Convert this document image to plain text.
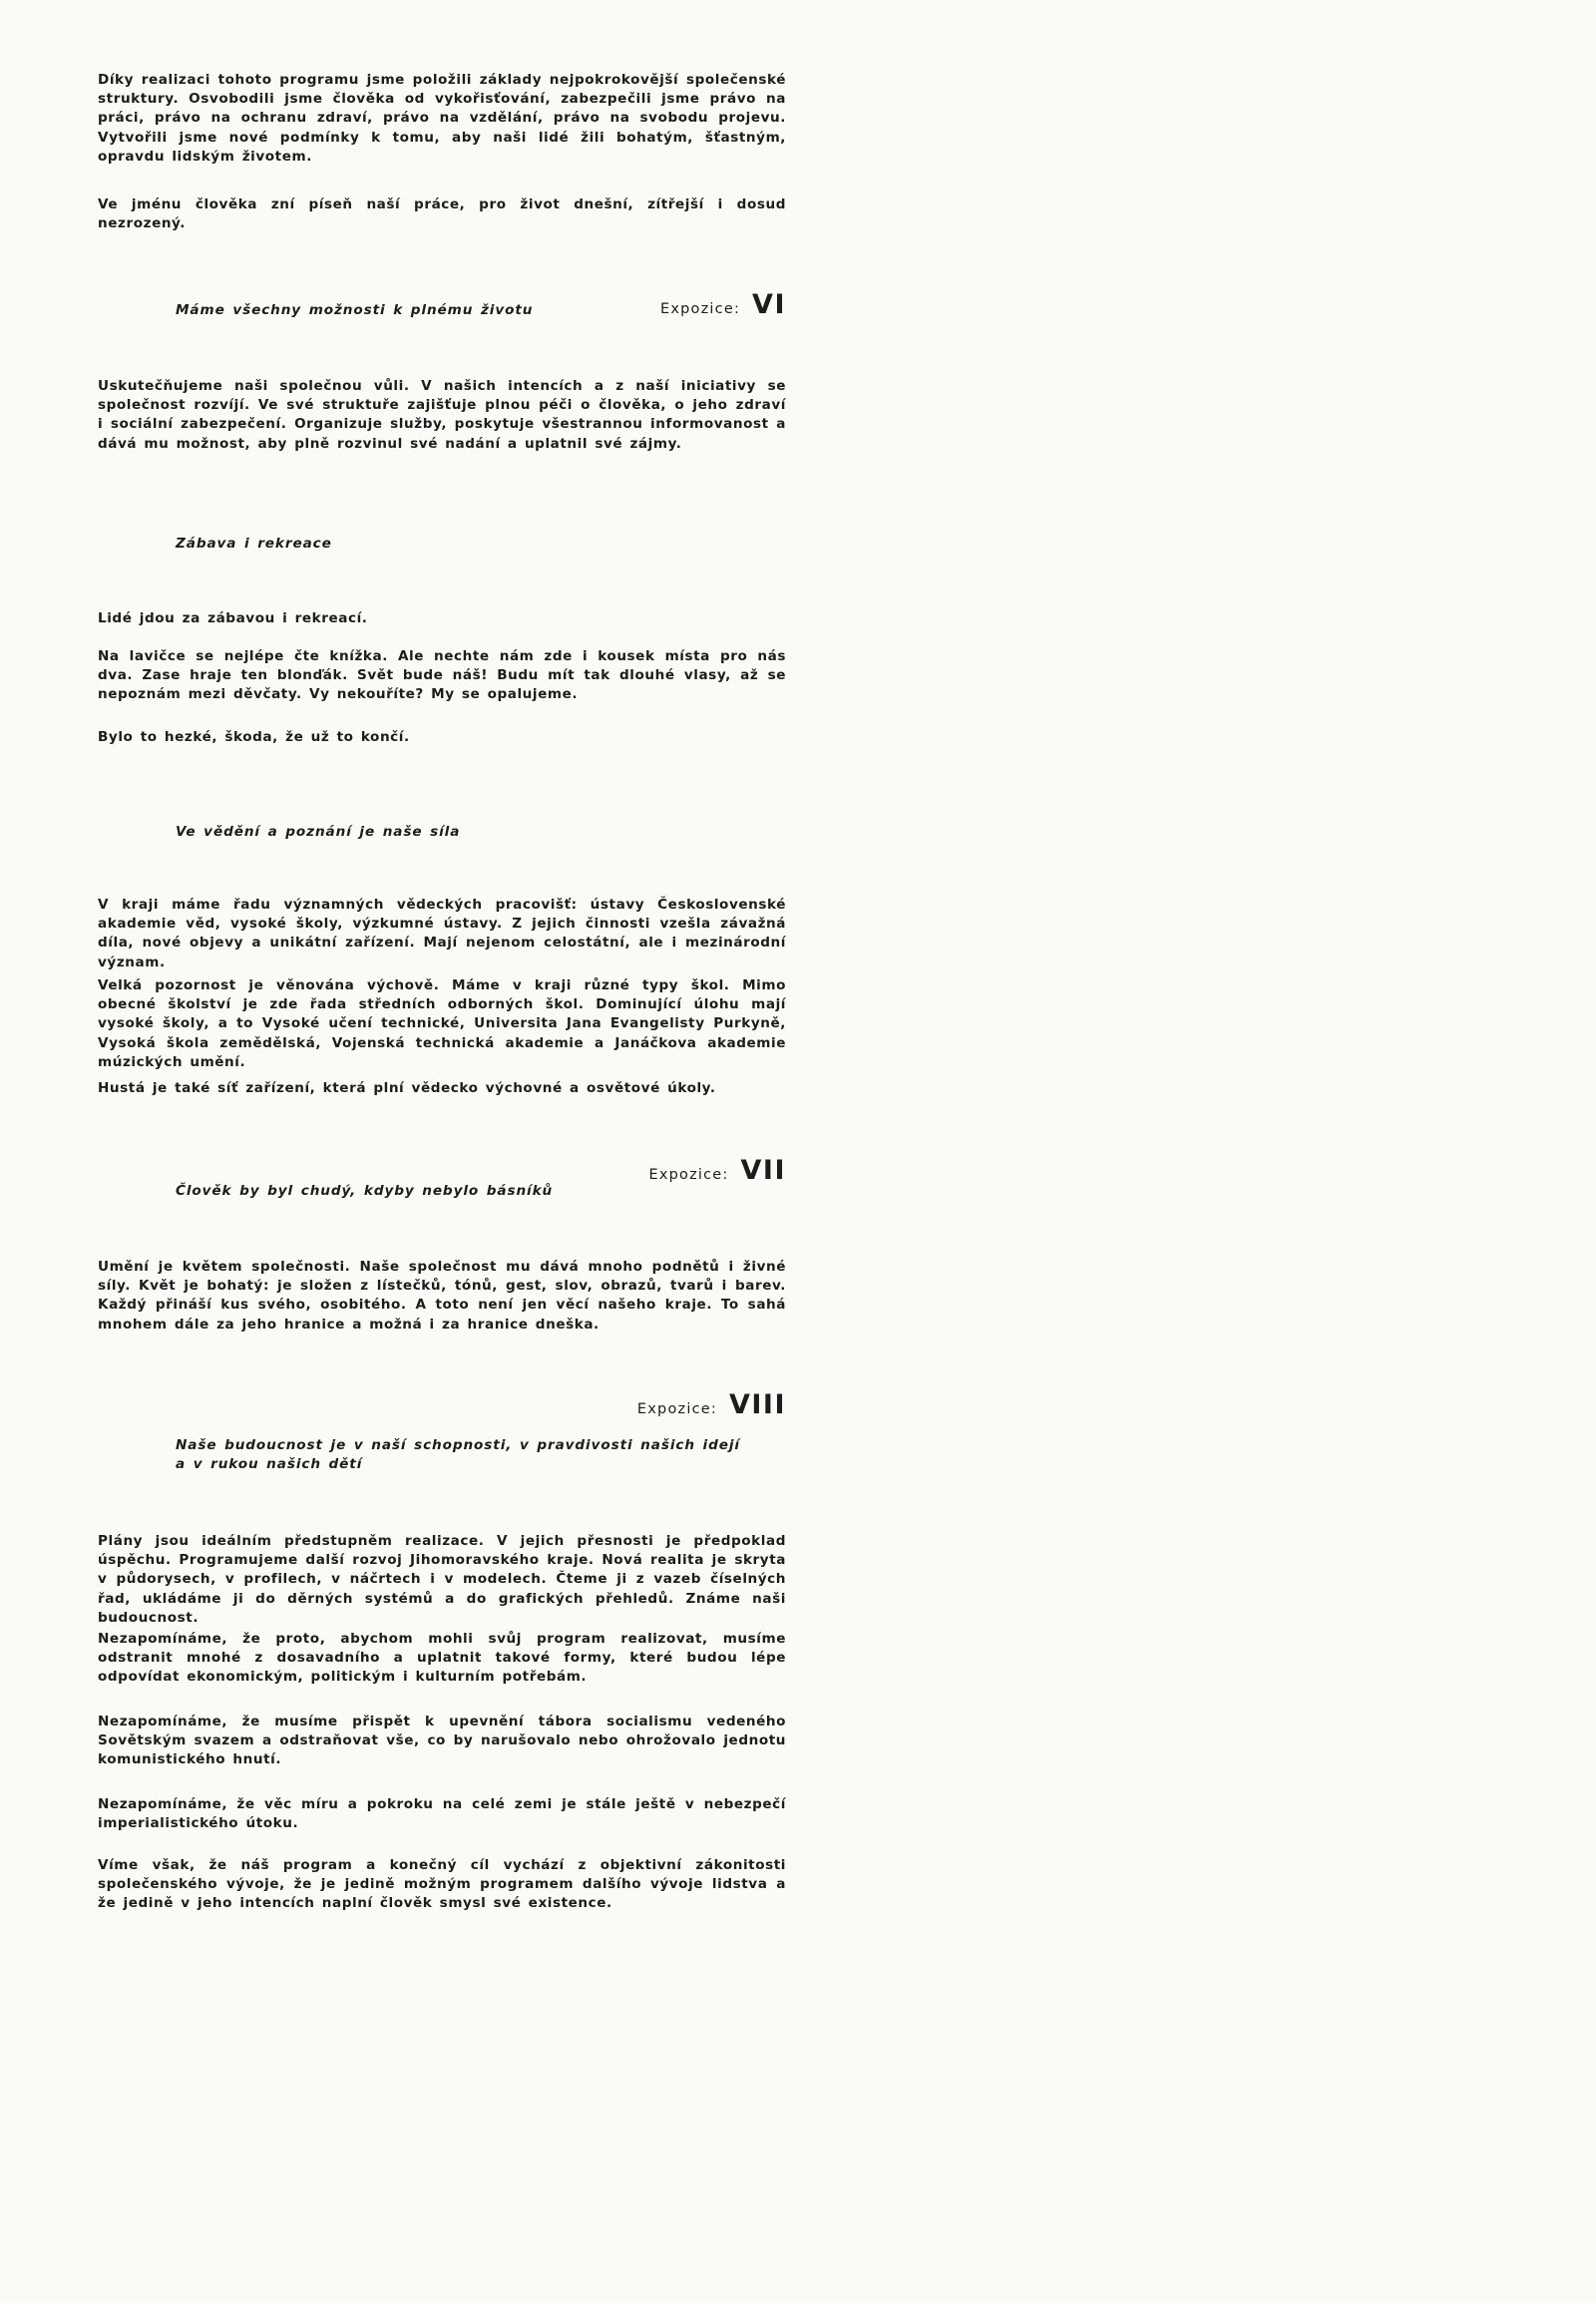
Díky realizaci tohoto programu jsme položili základy nejpokrokovější společenské struktury. Osvobodili jsme člověka od vykořisťování, zabezpečili jsme právo na práci, právo na ochranu zdraví, právo na vzdělání, právo na svobodu projevu. Vytvořili jsme nové podmínky k tomu, aby naši lidé žili bohatým, šťastným, opravdu lidským životem.

Ve jménu člověka zní píseň naší práce, pro život dnešní, zítřejší i dosud nezrozený.

Máme všechny možnosti k plnému životu	Expozice: VI

Uskutečňujeme naši společnou vůli. V našich intencích a z naší iniciativy se společnost rozvíjí. Ve své struktuře zajišťuje plnou péči o člověka, o jeho zdraví i sociální zabezpečení. Organizuje služby, poskytuje všestrannou informovanost a dává mu možnost, aby plně rozvinul své nadání a uplatnil své zájmy.

Zábava i rekreace

Lidé jdou za zábavou i rekreací.

Na lavičce se nejlépe čte knížka. Ale nechte nám zde i kousek místa pro nás dva. Zase hraje ten blonďák. Svět bude náš! Budu mít tak dlouhé vlasy, až se nepoznám mezi děvčaty. Vy nekouříte? My se opalujeme.

Bylo to hezké, škoda, že už to končí.

Ve vědění a poznání je naše síla

V kraji máme řadu významných vědeckých pracovišť: ústavy Československé akademie věd, vysoké školy, výzkumné ústavy. Z jejich činnosti vzešla závažná díla, nové objevy a unikátní zařízení. Mají nejenom celostátní, ale i mezinárodní význam.

Velká pozornost je věnována výchově. Máme v kraji různé typy škol. Mimo obecné školství je zde řada středních odborných škol. Dominující úlohu mají vysoké školy, a to Vysoké učení technické, Universita Jana Evangelisty Purkyně, Vysoká škola zemědělská, Vojenská technická akademie a Janáčkova akademie múzických umění.

Hustá je také síť zařízení, která plní vědecko výchovné a osvětové úkoly.

Expozice: VII

Člověk by byl chudý, kdyby nebylo básníků

Umění je květem společnosti. Naše společnost mu dává mnoho podnětů i živné síly. Květ je bohatý: je složen z lístečků, tónů, gest, slov, obrazů, tvarů i barev. Každý přináší kus svého, osobitého. A toto není jen věcí našeho kraje. To sahá mnohem dále za jeho hranice a možná i za hranice dneška.

Expozice: VIII

Naše budoucnost je v naší schopnosti, v pravdivosti našich idejí
a v rukou našich dětí

Plány jsou ideálním předstupněm realizace. V jejich přesnosti je předpoklad úspěchu. Programujeme další rozvoj Jihomoravského kraje. Nová realita je skryta v půdorysech, v profilech, v náčrtech i v modelech. Čteme ji z vazeb číselných řad, ukládáme ji do děrných systémů a do grafických přehledů. Známe naši budoucnost.

Nezapomínáme, že proto, abychom mohli svůj program realizovat, musíme odstranit mnohé z dosavadního a uplatnit takové formy, které budou lépe odpovídat ekonomickým, politickým i kulturním potřebám.

Nezapomínáme, že musíme přispět k upevnění tábora socialismu vedeného Sovětským svazem a odstraňovat vše, co by narušovalo nebo ohrožovalo jednotu komunistického hnutí.

Nezapomínáme, že věc míru a pokroku na celé zemi je stále ještě v nebezpečí imperialistického útoku.

Víme však, že náš program a konečný cíl vychází z objektivní zákonitosti společenského vývoje, že je jedině možným programem dalšího vývoje lidstva a že jedině v jeho intencích naplní člověk smysl své existence.
